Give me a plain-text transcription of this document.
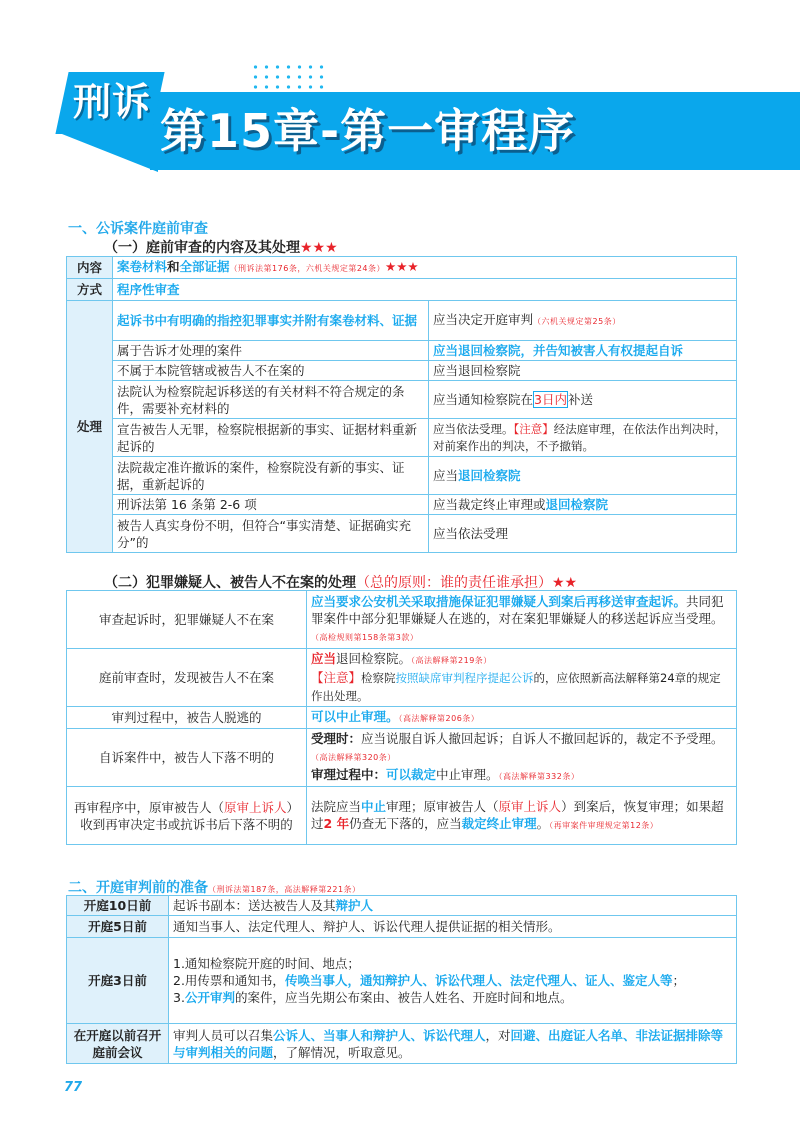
刑诉
第15章-第一审程序
一、公诉案件庭前审查
（一）庭前审查的内容及其处理★★★
内容	案卷材料和全部证据（刑诉法第176条，六机关规定第24条）★★★	
方式	程序性审查	
处理	起诉书中有明确的指控犯罪事实并附有案卷材料、证据	应当决定开庭审判（六机关规定第25条）
	属于告诉才处理的案件	应当退回检察院，并告知被害人有权提起自诉
	不属于本院管辖或被告人不在案的	应当退回检察院
	法院认为检察院起诉移送的有关材料不符合规定的条件，需要补充材料的	应当通知检察院在3日内补送
	宣告被告人无罪，检察院根据新的事实、证据材料重新起诉的	应当依法受理。【注意】经法庭审理，在依法作出判决时，对前案作出的判决，不予撤销。
	法院裁定准许撤诉的案件，检察院没有新的事实、证据，重新起诉的	应当退回检察院
	刑诉法第 16 条第 2-6 项	应当裁定终止审理或退回检察院
	被告人真实身份不明，但符合“事实清楚、证据确实充分”的	应当依法受理
（二）犯罪嫌疑人、被告人不在案的处理（总的原则：谁的责任谁承担）★★
审查起诉时，犯罪嫌疑人不在案	应当要求公安机关采取措施保证犯罪嫌疑人到案后再移送审查起诉。共同犯罪案件中部分犯罪嫌疑人在逃的，对在案犯罪嫌疑人的移送起诉应当受理。（高检规则第158条第3款）
庭前审查时，发现被告人不在案	应当退回检察院。（高法解释第219条）
【注意】检察院按照缺席审判程序提起公诉的，应依照新高法解释第24章的规定作出处理。
审判过程中，被告人脱逃的	可以中止审理。（高法解释第206条）
自诉案件中，被告人下落不明的	受理时：应当说服自诉人撤回起诉；自诉人不撤回起诉的，裁定不予受理。（高法解释第320条）
审理过程中：可以裁定中止审理。（高法解释第332条）
再审程序中，原审被告人（原审上诉人）收到再审决定书或抗诉书后下落不明的	法院应当中止审理；原审被告人（原审上诉人）到案后，恢复审理；如果超过2 年仍查无下落的，应当裁定终止审理。（再审案件审理规定第12条）
二、开庭审判前的准备（刑诉法第187条，高法解释第221条）
开庭10日前	起诉书副本：送达被告人及其辩护人
开庭5日前	通知当事人、法定代理人、辩护人、诉讼代理人提供证据的相关情形。
开庭3日前	1.通知检察院开庭的时间、地点；
2.用传票和通知书，传唤当事人，通知辩护人、诉讼代理人、法定代理人、证人、鉴定人等；
3.公开审判的案件，应当先期公布案由、被告人姓名、开庭时间和地点。

在开庭以前召开庭前会议	审判人员可以召集公诉人、当事人和辩护人、诉讼代理人，对回避、出庭证人名单、非法证据排除等与审判相关的问题，了解情况，听取意见。
77
